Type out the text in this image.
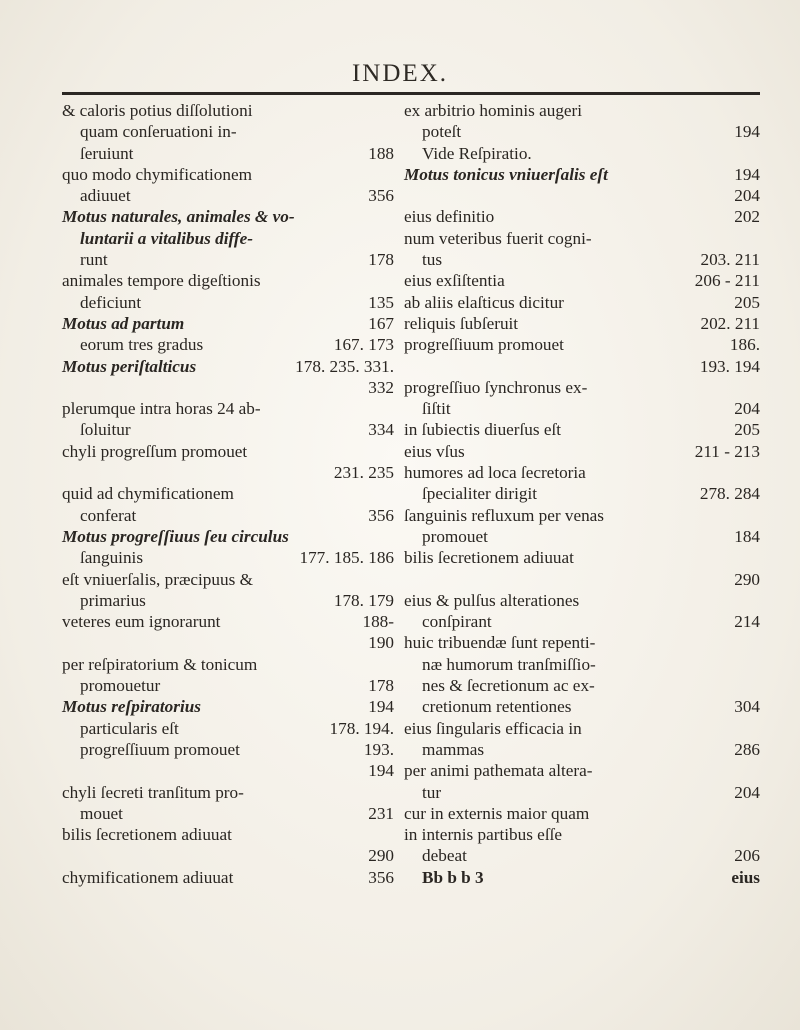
INDEX.
& caloris potius diſſolutioni
quam conſeruationi in-
ſeruiunt	188
quo modo chymificationem
adiuuet	356
Motus naturales, animales & vo-
luntarii a vitalibus diffe-
runt	178
animales tempore digeſtionis
deficiunt	135
Motus ad partum	167
eorum tres gradus	167. 173
Motus periſtalticus	178. 235. 331.
332
plerumque intra horas 24 ab-
ſoluitur	334
chyli progreſſum promouet
231. 235
quid ad chymificationem
conferat	356
Motus progreſſiuus ſeu circulus
ſanguinis	177. 185. 186
eſt vniuerſalis, præcipuus &
primarius	178. 179
veteres eum ignorarunt	188-
190
per reſpiratorium & tonicum
promouetur	178
Motus reſpiratorius	194
particularis eſt	178. 194.
progreſſiuum promouet	193.
194
chyli ſecreti tranſitum pro-
mouet	231
bilis ſecretionem adiuuat
290
chymificationem adiuuat	356
ex arbitrio hominis augeri
poteſt	194
Vide Reſpiratio.
Motus tonicus vniuerſalis eſt	194
204
eius definitio	202
num veteribus fuerit cogni-
tus	203. 211
eius exſiſtentia	206 - 211
ab aliis elaſticus dicitur	205
reliquis ſubſeruit	202. 211
progreſſiuum promouet	186.
193. 194
progreſſiuo ſynchronus ex-
ſiſtit	204
in ſubiectis diuerſus eſt	205
eius vſus	211 - 213
humores ad loca ſecretoria
ſpecialiter dirigit	278. 284
ſanguinis refluxum per venas
promouet	184
bilis ſecretionem adiuuat
290
eius & pulſus alterationes
conſpirant	214
huic tribuendæ ſunt repenti-
næ humorum tranſmiſſio-
nes & ſecretionum ac ex-
cretionum retentiones	304
eius ſingularis efficacia in
mammas	286
per animi pathemata altera-
tur	204
cur in externis maior quam
in internis partibus eſſe
debeat	206
Bb b b 3	eius
